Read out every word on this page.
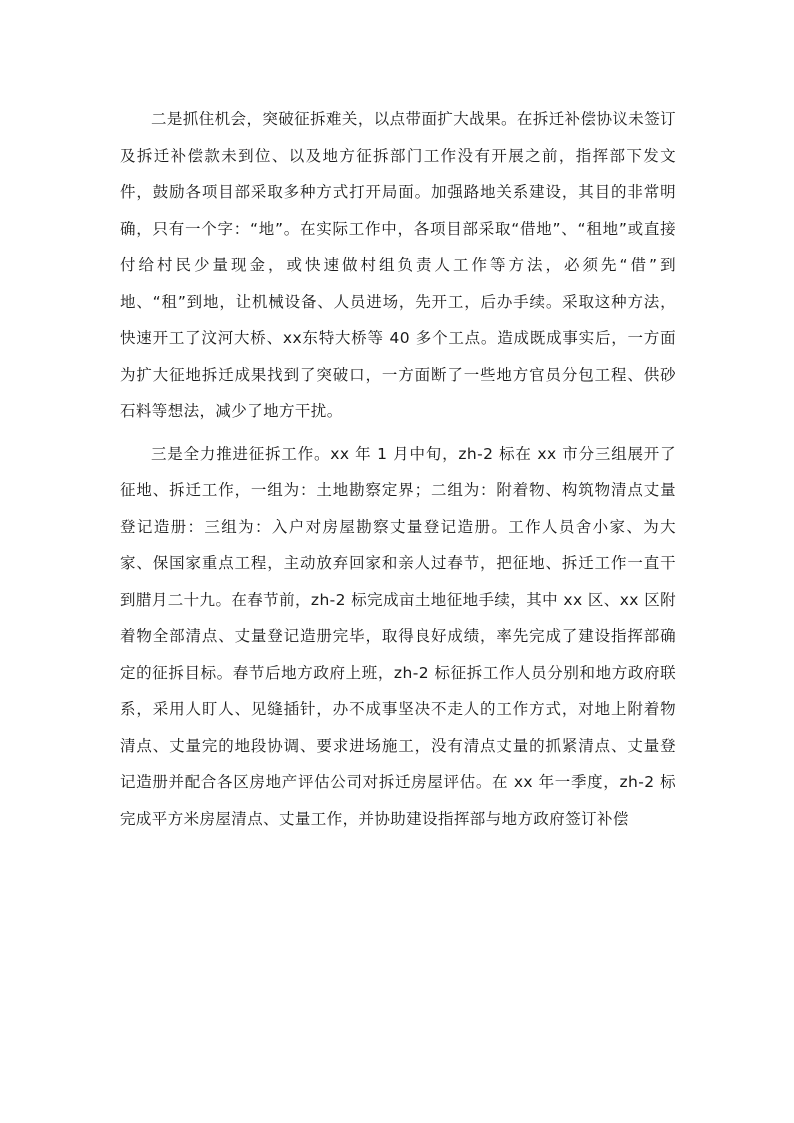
二是抓住机会，突破征拆难关，以点带面扩大战果。在拆迁补偿协议未签订及拆迁补偿款未到位、以及地方征拆部门工作没有开展之前，指挥部下发文件，鼓励各项目部采取多种方式打开局面。加强路地关系建设，其目的非常明确，只有一个字：“地”。在实际工作中，各项目部采取“借地”、“租地”或直接付给村民少量现金，或快速做村组负责人工作等方法，必须先“借”到地、“租”到地，让机械设备、人员进场，先开工，后办手续。采取这种方法，快速开工了汶河大桥、xx东特大桥等 40 多个工点。造成既成事实后，一方面为扩大征地拆迁成果找到了突破口，一方面断了一些地方官员分包工程、供砂石料等想法，减少了地方干扰。

三是全力推进征拆工作。xx 年 1 月中旬，zh-2 标在 xx 市分三组展开了征地、拆迁工作，一组为：土地勘察定界；二组为：附着物、构筑物清点丈量登记造册：三组为：入户对房屋勘察丈量登记造册。工作人员舍小家、为大家、保国家重点工程，主动放弃回家和亲人过春节，把征地、拆迁工作一直干到腊月二十九。在春节前，zh-2 标完成亩土地征地手续，其中 xx 区、xx 区附着物全部清点、丈量登记造册完毕，取得良好成绩，率先完成了建设指挥部确定的征拆目标。春节后地方政府上班，zh-2 标征拆工作人员分别和地方政府联系，采用人盯人、见缝插针，办不成事坚决不走人的工作方式，对地上附着物清点、丈量完的地段协调、要求进场施工，没有清点丈量的抓紧清点、丈量登记造册并配合各区房地产评估公司对拆迁房屋评估。在 xx 年一季度，zh-2 标完成平方米房屋清点、丈量工作，并协助建设指挥部与地方政府签订补偿
